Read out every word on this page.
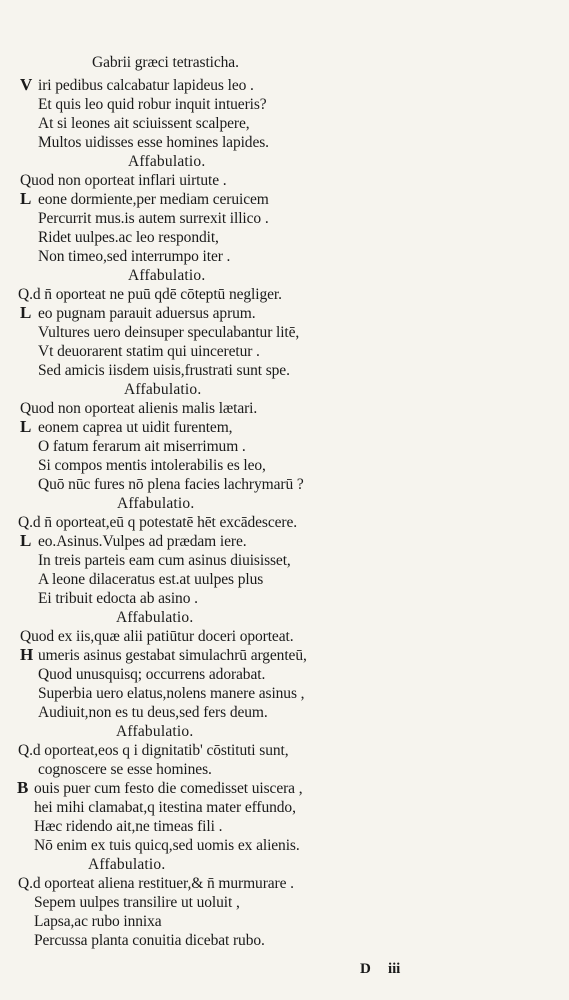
Gabrii græci tetrasticha.
V iri pedibus calcabatur lapideus leo .
Et quis leo quid robur inquit intueris?
At si leones ait sciuissent scalpere,
Multos uidisses esse homines lapides.
Affabulatio.
Quod non oporteat inflari uirtute .
L eone dormiente,per mediam ceruicem
Percurrit mus.is autem surrexit illico .
Ridet uulpes.ac leo respondit,
Non timeo,sed interrumpo iter .
Affabulatio.
Q.d n̄ oporteat ne puū qdē cōteptū negliger.
L eo pugnam parauit aduersus aprum.
Vultures uero deinsuper speculabantur litē,
Vt deuorarent statim qui uinceretur .
Sed amicis iisdem uisis,frustrati sunt spe.
Affabulatio.
Quod non oporteat alienis malis lætari.
L eonem caprea ut uidit furentem,
O fatum ferarum ait miserrimum .
Si compos mentis intolerabilis es leo,
Quō nūc fures nō plena facies lachrymarū ?
Affabulatio.
Q.d n̄ oporteat,eū q potestatē hēt excādescere.
L eo.Asinus.Vulpes ad prædam iere.
In treis parteis eam cum asinus diuisisset,
A leone dilaceratus est.at uulpes plus
Ei tribuit edocta ab asino .
Affabulatio.
Quod ex iis,quæ alii patiūtur doceri oporteat.
H umeris asinus gestabat simulachrū argenteū,
Quod unusquisq; occurrens adorabat.
Superbia uero elatus,nolens manere asinus ,
Audiuit,non es tu deus,sed fers deum.
Affabulatio.
Q.d oporteat,eos q i dignitatib' cōstituti sunt,
cognoscere se esse homines.
B ouis puer cum festo die comedisset uiscera ,
hei mihi clamabat,q itestina mater effundo,
Hæc ridendo ait,ne timeas fili .
Nō enim ex tuis quicq,sed uomis ex alienis.
Affabulatio.
Q.d oporteat aliena restituer,& n̄ murmurare .
Sepem uulpes transilire ut uoluit ,
Lapsa,ac rubo innixa
Percussa planta conuitia dicebat rubo.
D iii
